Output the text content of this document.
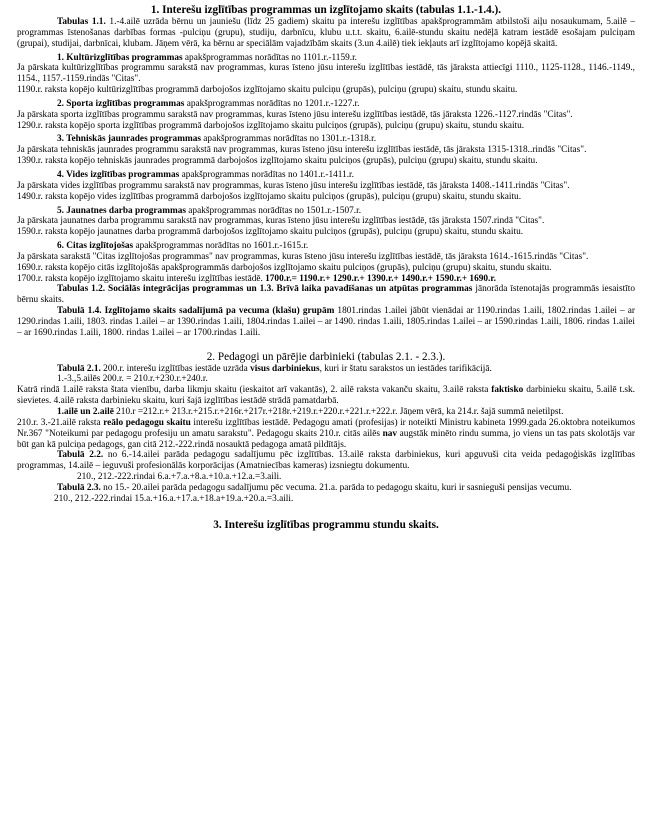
1. Interešu izglītības programmas un izglītojamo skaits (tabulas 1.1.-1.4.).

Tabulas 1.1. 1.-4.ailē uzrāda bērnu un jauniešu (līdz 25 gadiem) skaitu pa interešu izglītības apakšprogrammām atbilstoši aiļu nosaukumam, 5.ailē –programmas īstenošanas darbības formas -pulciņu (grupu), studiju, darbnīcu, klubu u.t.t. skaitu, 6.ailē-stundu skaitu nedēļā katram iestādē esošajam pulciņam (grupai), studijai, darbnīcai, klubam. Jāņem vērā, ka bērnu ar speciālām vajadzībām skaits (3.un 4.ailē) tiek iekļauts arī izglītojamo kopējā skaitā.

1. Kultūrizglītības programmas apakšprogrammas norādītas no 1101.r.-1159.r.

Ja pārskata kultūrizglītības programmu sarakstā nav programmas, kuras īsteno jūsu interešu izglītības iestādē, tās jāraksta attiecīgi 1110., 1125-1128., 1146.-1149., 1154., 1157.-1159.rindās "Citas".

1190.r. raksta kopējo kultūrizglītības programmā darbojošos izglītojamo skaitu pulciņu (grupās), pulciņu (grupu) skaitu, stundu skaitu.

2. Sporta izglītības programmas apakšprogrammas norādītas no 1201.r.-1227.r.

Ja pārskata sporta izglītības programmu sarakstā nav programmas, kuras īsteno jūsu interešu izglītības iestādē, tās jāraksta 1226.-1127.rindās "Citas".

1290.r. raksta kopējo sporta izglītības programmā darbojošos izglītojamo skaitu pulciņos (grupās), pulciņu (grupu) skaitu, stundu skaitu.

3. Tehniskās jaunrades programmas apakšprogrammas norādītas no 1301.r.-1318.r.

Ja pārskata tehniskās jaunrades programmu sarakstā nav programmas, kuras īsteno jūsu interešu izglītības iestādē, tās jāraksta 1315-1318..rindās "Citas".

1390.r. raksta kopējo tehniskās jaunrades programmā darbojošos izglītojamo skaitu pulciņos (grupās), pulciņu (grupu) skaitu, stundu skaitu.

4. Vides izglītības programmas apakšprogrammas norādītas no 1401.r.-1411.r.

Ja pārskata vides izglītības programmu sarakstā nav programmas, kuras īsteno jūsu interešu izglītības iestādē, tās jāraksta 1408.-1411.rindās "Citas".

1490.r. raksta kopējo vides izglītības programmā darbojošos izglītojamo skaitu pulciņos (grupās), pulciņu (grupu) skaitu, stundu skaitu.

5. Jaunatnes darba programmas apakšprogrammas norādītas no 1501.r.-1507.r.

Ja pārskata jaunatnes darba programmu sarakstā nav programmas, kuras īsteno jūsu interešu izglītības iestādē, tās jāraksta 1507.rindā "Citas".

1590.r. raksta kopējo jaunatnes darba programmā darbojošos izglītojamo skaitu pulciņos (grupās), pulciņu (grupu) skaitu, stundu skaitu.

6. Citas izglītojošas apakšprogrammas norādītas no 1601.r.-1615.r.

Ja pārskata sarakstā "Citas izglītojošas programmas" nav programmas, kuras īsteno jūsu interešu izglītības iestādē, tās jāraksta 1614.-1615.rindās "Citas".

1690.r. raksta kopējo citās izglītojošās apakšprogrammās darbojošos izglītojamo skaitu pulciņos (grupās), pulciņu (grupu) skaitu, stundu skaitu.

1700.r. raksta kopējo izglītojamo skaitu interešu izglītības iestādē. 1700.r.= 1190.r.+ 1290.r.+ 1390.r.+ 1490.r.+ 1590.r.+ 1690.r.

Tabulas 1.2. Sociālās integrācijas programmas un 1.3. Brīvā laika pavadīšanas un atpūtas programmas jānorāda īstenotajās programmās iesaistīto bērnu skaits.

Tabulā 1.4. Izglītojamo skaits sadalījumā pa vecuma (klašu) grupām 1801.rindas 1.ailei jābūt vienādai ar 1190.rindas 1.aili, 1802.rindas 1.ailei – ar 1290.rindas 1.aili, 1803. rindas 1.ailei – ar 1390.rindas 1.aili, 1804.rindas 1.ailei – ar 1490. rindas 1.aili, 1805.rindas 1.ailei – ar 1590.rindas 1.aili, 1806. rindas 1.ailei – ar 1690.rindas 1.aili, 1800. rindas 1.ailei – ar 1700.rindas 1.aili.

2. Pedagogi un pārējie darbinieki (tabulas 2.1. - 2.3.).

Tabulā 2.1. 200.r. interešu izglītības iestāde uzrāda visus darbiniekus, kuri ir štatu sarakstos un iestādes tarifikācijā.

1.-3.,5.ailēs 200.r. = 210.r.+230.r.+240.r.

Katrā rindā 1.ailē raksta štata vienību, darba likmju skaitu (ieskaitot arī vakantās), 2. ailē raksta vakanču skaitu, 3.ailē raksta faktisko darbinieku skaitu, 5.ailē t.sk. sievietes. 4.ailē raksta darbinieku skaitu, kuri šajā izglītības iestādē strādā pamatdarbā.

1.ailē un 2.ailē 210.r =212.r.+ 213.r.+215.r.+216r.+217r.+218r.+219.r.+220.r.+221.r.+222.r. Jāņem vērā, ka 214.r. šajā summā neietilpst.

210.r. 3.-21.ailē raksta reālo pedagogu skaitu interešu izglītības iestādē. Pedagogu amati (profesijas) ir noteikti Ministru kabineta 1999.gada 26.oktobra noteikumos Nr.367 "Noteikumi par pedagogu profesiju un amatu sarakstu". Pedagogu skaits 210.r. citās ailēs nav augstāk minēto rindu summa, jo viens un tas pats skolotājs var būt gan kā pulciņa pedagogs, gan citā 212.-222.rindā nosauktā pedagoga amatā pildītājs.

Tabulā 2.2. no 6.-14.ailei parāda pedagogu sadalījumu pēc izglītības. 13.ailē raksta darbiniekus, kuri apguvuši cita veida pedagoģiskās izglītības programmas, 14.ailē – ieguvuši profesionālās korporācijas (Amatniecības kameras) izsniegtu dokumentu.

210., 212.-222.rindai 6.a.+7.a.+8.a.+10.a.+12.a.=3.aili.

Tabulā 2.3. no 15.- 20.ailei parāda pedagogu sadalījumu pēc vecuma. 21.a. parāda to pedagogu skaitu, kuri ir sasnieguši pensijas vecumu.

210., 212.-222.rindai 15.a.+16.a.+17.a.+18.a+19.a.+20.a.=3.aili.

3. Interešu izglītības programmu stundu skaits.
